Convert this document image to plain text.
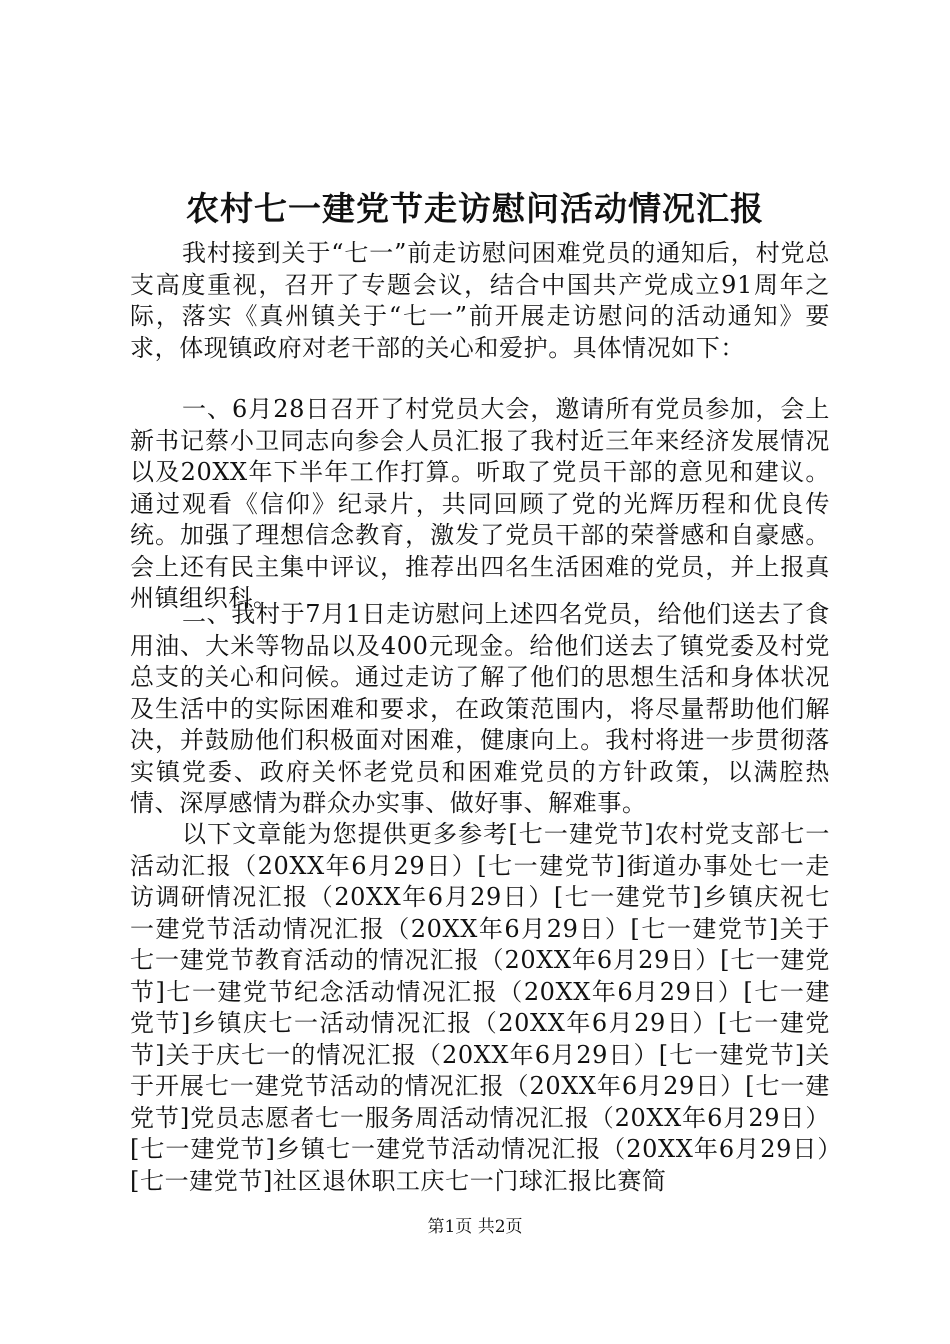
农村七一建党节走访慰问活动情况汇报

我村接到关于“七一”前走访慰问困难党员的通知后，村党总支高度重视，召开了专题会议，结合中国共产党成立91周年之际，落实《真州镇关于“七一”前开展走访慰问的活动通知》要求，体现镇政府对老干部的关心和爱护。具体情况如下：

一、6月28日召开了村党员大会，邀请所有党员参加，会上新书记蔡小卫同志向参会人员汇报了我村近三年来经济发展情况以及20XX年下半年工作打算。听取了党员干部的意见和建议。通过观看《信仰》纪录片，共同回顾了党的光辉历程和优良传统。加强了理想信念教育，激发了党员干部的荣誉感和自豪感。会上还有民主集中评议，推荐出四名生活困难的党员，并上报真州镇组织科。

二、我村于7月1日走访慰问上述四名党员，给他们送去了食用油、大米等物品以及400元现金。给他们送去了镇党委及村党总支的关心和问候。通过走访了解了他们的思想生活和身体状况及生活中的实际困难和要求，在政策范围内，将尽量帮助他们解决，并鼓励他们积极面对困难，健康向上。我村将进一步贯彻落实镇党委、政府关怀老党员和困难党员的方针政策，以满腔热情、深厚感情为群众办实事、做好事、解难事。

以下文章能为您提供更多参考[七一建党节]农村党支部七一活动汇报（20XX年6月29日）[七一建党节]街道办事处七一走访调研情况汇报（20XX年6月29日）[七一建党节]乡镇庆祝七一建党节活动情况汇报（20XX年6月29日）[七一建党节]关于七一建党节教育活动的情况汇报（20XX年6月29日）[七一建党节]七一建党节纪念活动情况汇报（20XX年6月29日）[七一建党节]乡镇庆七一活动情况汇报（20XX年6月29日）[七一建党节]关于庆七一的情况汇报（20XX年6月29日）[七一建党节]关于开展七一建党节活动的情况汇报（20XX年6月29日）[七一建党节]党员志愿者七一服务周活动情况汇报（20XX年6月29日）[七一建党节]乡镇七一建党节活动情况汇报（20XX年6月29日）[七一建党节]社区退休职工庆七一门球汇报比赛简

第1页 共2页
